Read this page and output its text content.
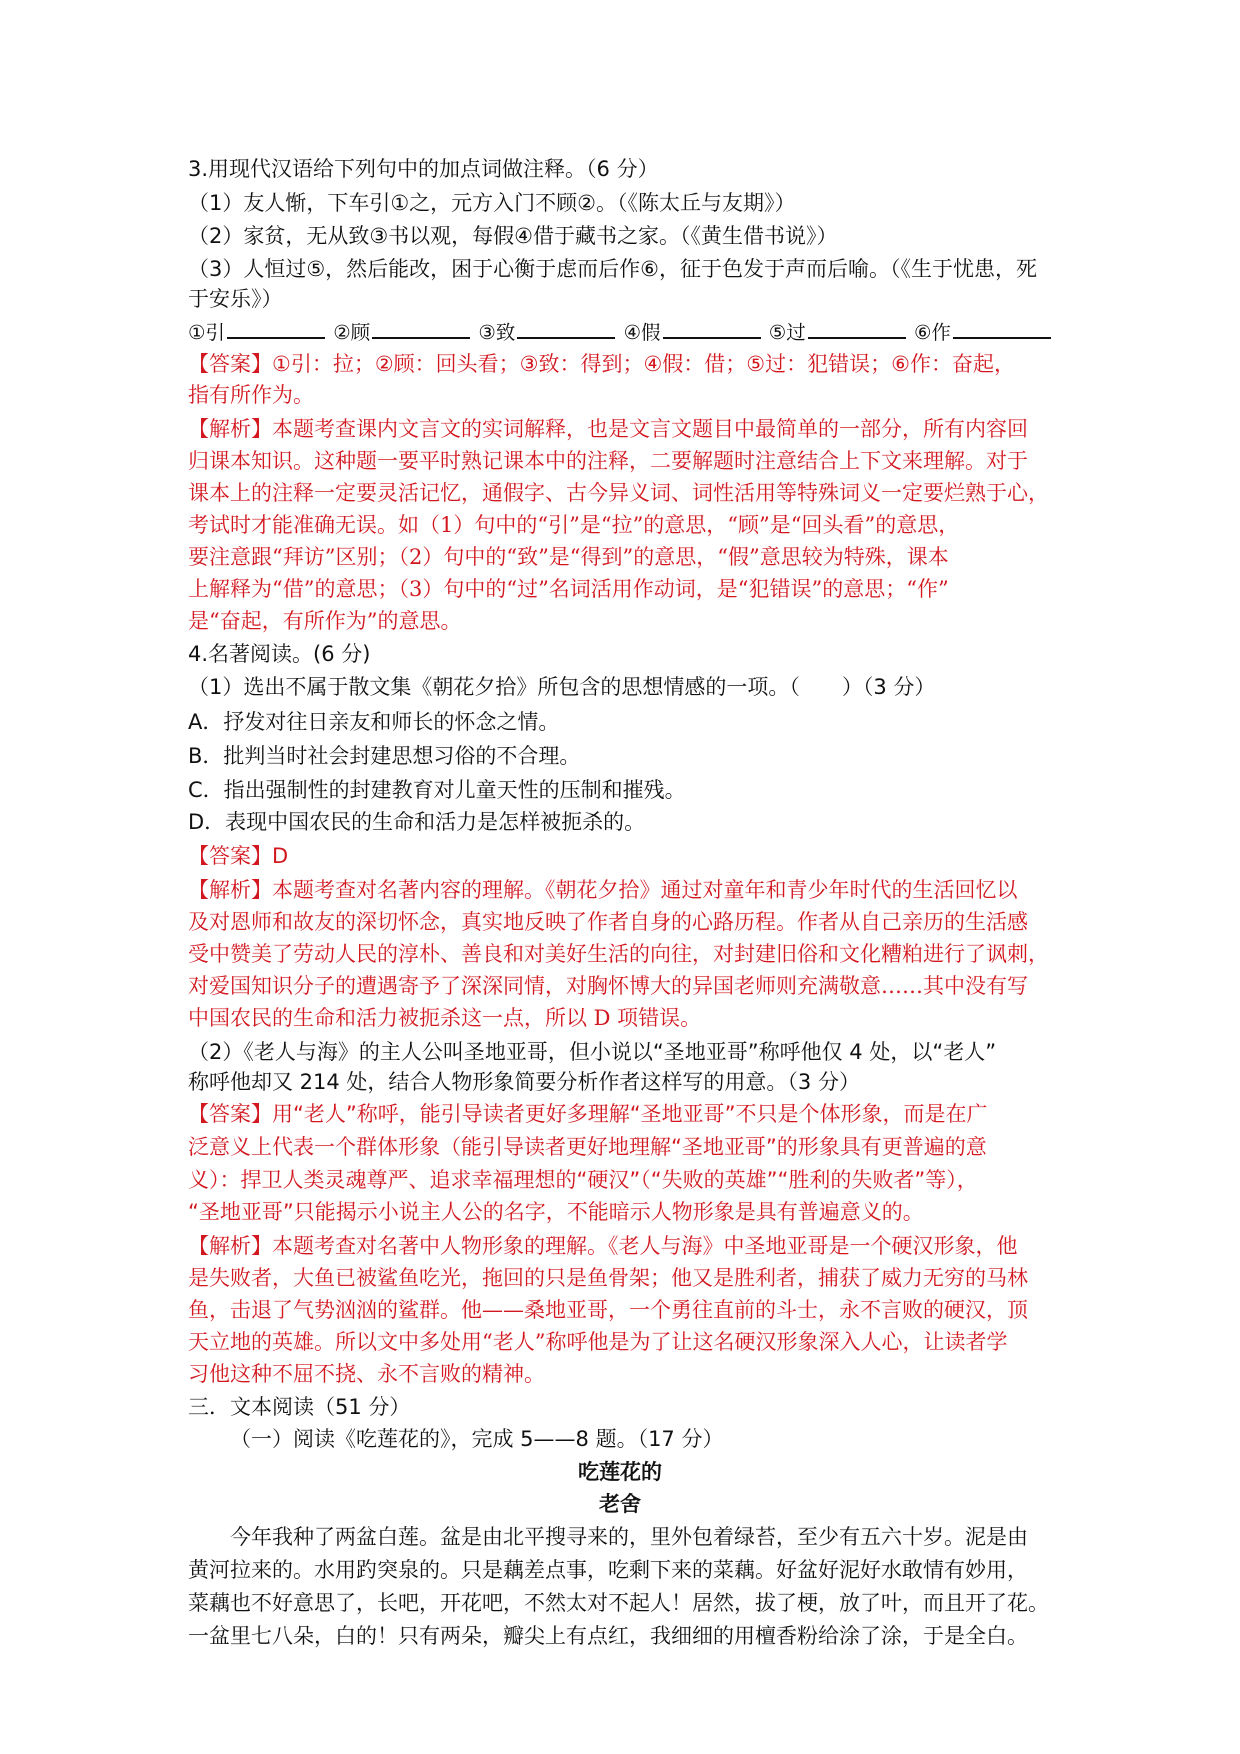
3.用现代汉语给下列句中的加点词做注释。（6 分）
（1）友人惭，下车引①之，元方入门不顾②。（《陈太丘与友期》）
（2）家贫，无从致③书以观，每假④借于藏书之家。（《黄生借书说》）
（3）人恒过⑤，然后能改，困于心衡于虑而后作⑥，征于色发于声而后喻。（《生于忧患，死
于安乐》）
①引	②顾	③致	④假	⑤过	⑥作
【答案】①引：拉；②顾：回头看；③致：得到；④假：借；⑤过：犯错误；⑥作：奋起，
指有所作为。
【解析】本题考查课内文言文的实词解释，也是文言文题目中最简单的一部分，所有内容回
归课本知识。这种题一要平时熟记课本中的注释，二要解题时注意结合上下文来理解。对于
课本上的注释一定要灵活记忆，通假字、古今异义词、词性活用等特殊词义一定要烂熟于心，
考试时才能准确无误。如（1）句中的“引”是“拉”的意思，“顾”是“回头看”的意思，
要注意跟“拜访”区别；（2）句中的“致”是“得到”的意思，“假”意思较为特殊，课本
上解释为“借”的意思；（3）句中的“过”名词活用作动词，是“犯错误”的意思；“作”
是“奋起，有所作为”的意思。
4.名著阅读。(6 分)
（1）选出不属于散文集《朝花夕拾》所包含的思想情感的一项。（　　）（3 分）
A．抒发对往日亲友和师长的怀念之情。
B．批判当时社会封建思想习俗的不合理。
C．指出强制性的封建教育对儿童天性的压制和摧残。
D．表现中国农民的生命和活力是怎样被扼杀的。
【答案】D
【解析】本题考查对名著内容的理解。《朝花夕拾》通过对童年和青少年时代的生活回忆以
及对恩师和故友的深切怀念，真实地反映了作者自身的心路历程。作者从自己亲历的生活感
受中赞美了劳动人民的淳朴、善良和对美好生活的向往，对封建旧俗和文化糟粕进行了讽刺，
对爱国知识分子的遭遇寄予了深深同情，对胸怀博大的异国老师则充满敬意……其中没有写
中国农民的生命和活力被扼杀这一点，所以 D 项错误。
（2）《老人与海》的主人公叫圣地亚哥，但小说以“圣地亚哥”称呼他仅 4 处，以“老人”
称呼他却又 214 处，结合人物形象简要分析作者这样写的用意。（3 分）
【答案】用“老人”称呼，能引导读者更好多理解“圣地亚哥”不只是个体形象，而是在广
泛意义上代表一个群体形象（能引导读者更好地理解“圣地亚哥”的形象具有更普遍的意
义）：捍卫人类灵魂尊严、追求幸福理想的“硬汉”（“失败的英雄”“胜利的失败者”等），
“圣地亚哥”只能揭示小说主人公的名字，不能暗示人物形象是具有普遍意义的。
【解析】本题考查对名著中人物形象的理解。《老人与海》中圣地亚哥是一个硬汉形象，他
是失败者，大鱼已被鲨鱼吃光，拖回的只是鱼骨架；他又是胜利者，捕获了威力无穷的马林
鱼，击退了气势汹汹的鲨群。他——桑地亚哥，一个勇往直前的斗士，永不言败的硬汉，顶
天立地的英雄。所以文中多处用“老人”称呼他是为了让这名硬汉形象深入人心，让读者学
习他这种不屈不挠、永不言败的精神。
三．文本阅读（51 分）
（一）阅读《吃莲花的》，完成 5——8 题。（17 分）
吃莲花的
老舍
今年我种了两盆白莲。盆是由北平搜寻来的，里外包着绿苔，至少有五六十岁。泥是由
黄河拉来的。水用趵突泉的。只是藕差点事，吃剩下来的菜藕。好盆好泥好水敢情有妙用，
菜藕也不好意思了，长吧，开花吧，不然太对不起人！居然，拔了梗，放了叶，而且开了花。
一盆里七八朵，白的！只有两朵，瓣尖上有点红，我细细的用檀香粉给涂了涂，于是全白。
